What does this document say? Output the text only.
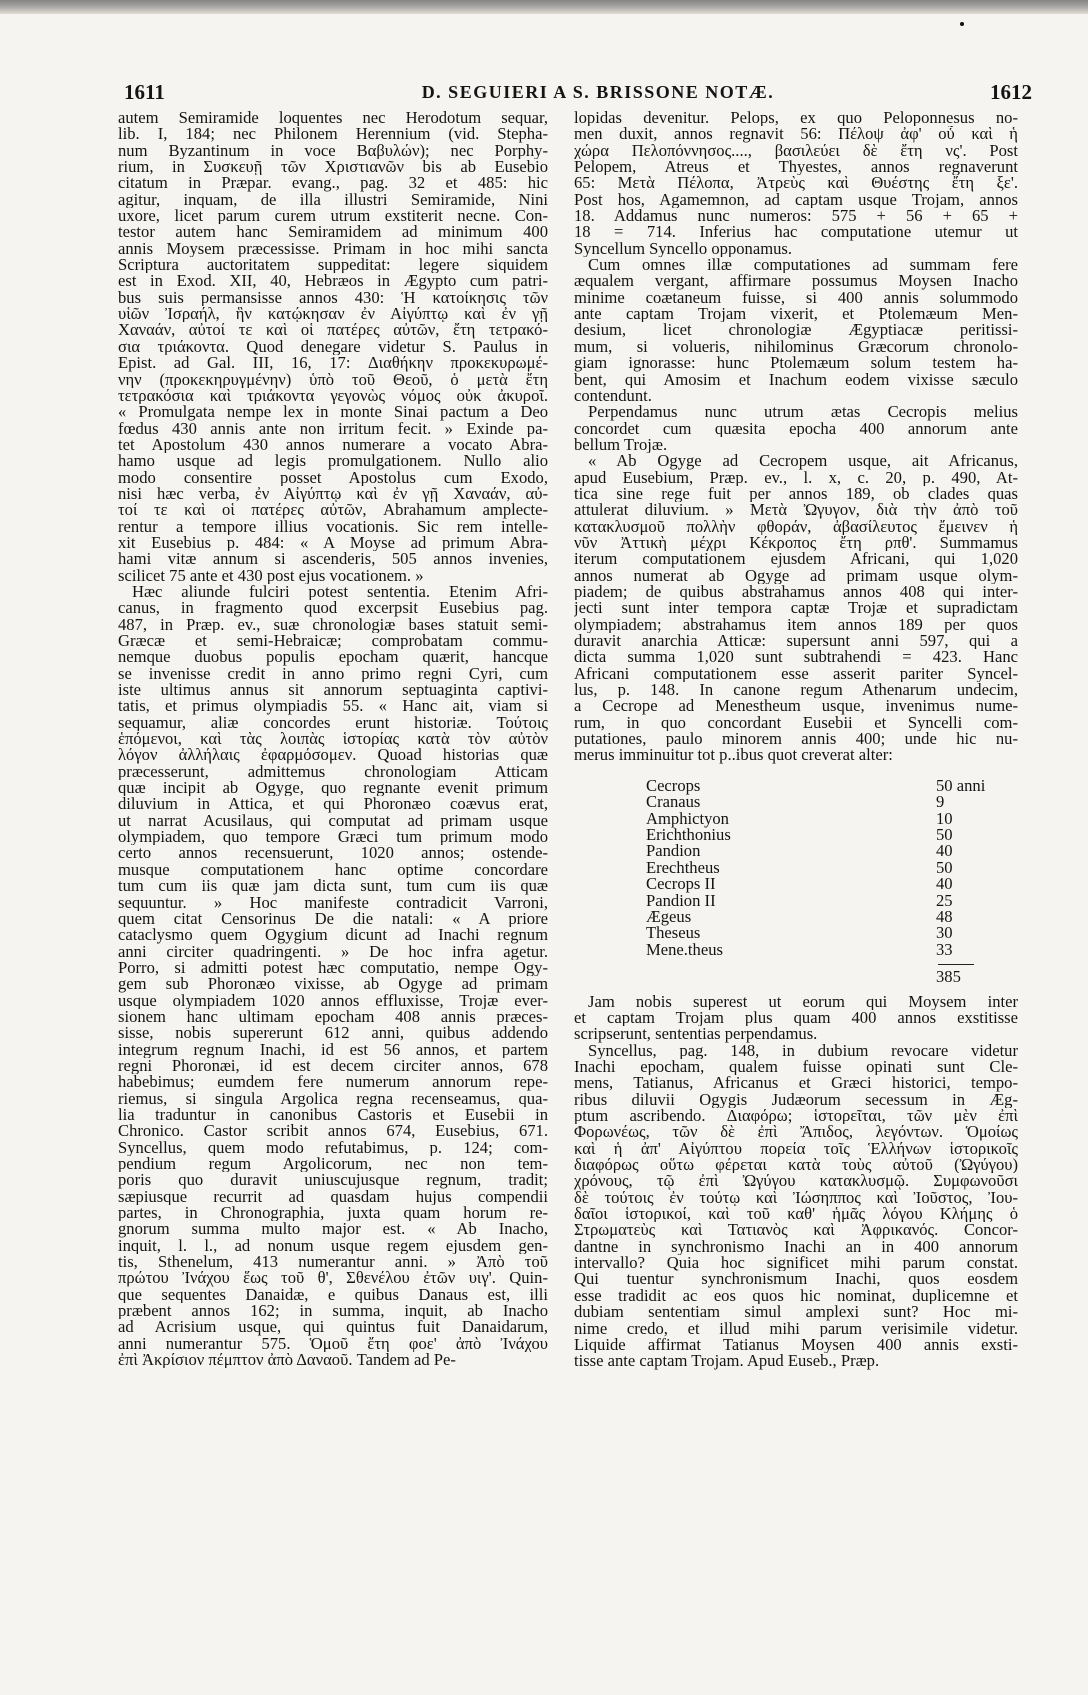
1611	D. SEGUIERI A S. BRISSONE NOTÆ.	1612
autem Semiramide loquentes nec Herodotum sequar,
lib. I, 184; nec Philonem Herennium (vid. Stepha-
num Byzantinum in voce Βαβυλών); nec Porphy-
rium, in Συσκευῇ τῶν Χριστιανῶν bis ab Eusebio
citatum in Præpar. evang., pag. 32 et 485: hic
agitur, inquam, de illa illustri Semiramide, Nini
uxore, licet parum curem utrum exstiterit necne. Con-
testor autem hanc Semiramidem ad minimum 400
annis Moysem præcessisse. Primam in hoc mihi sancta
Scriptura auctoritatem suppeditat: legere siquidem
est in Exod. XII, 40, Hebræos in Ægypto cum patri-
bus suis permansisse annos 430: Ἡ κατοίκησις τῶν
υἱῶν Ἰσραήλ, ἣν κατῴκησαν ἐν Αἰγύπτῳ καὶ ἐν γῇ
Χαναάν, αὐτοί τε καὶ οἱ πατέρες αὐτῶν, ἔτη τετρακό-
σια τριάκοντα. Quod denegare videtur S. Paulus in
Epist. ad Gal. III, 16, 17: Διαθήκην προκεκυρωμέ-
νην (προκεκηρυγμένην) ὑπὸ τοῦ Θεοῦ, ὁ μετὰ ἔτη
τετρακόσια καὶ τριάκοντα γεγονὼς νόμος οὐκ ἀκυροῖ.
« Promulgata nempe lex in monte Sinai pactum a Deo
fœdus 430 annis ante non irritum fecit. » Exinde pa-
tet Apostolum 430 annos numerare a vocato Abra-
hamo usque ad legis promulgationem. Nullo alio
modo consentire posset Apostolus cum Exodo,
nisi hæc verba, ἐν Αἰγύπτῳ καὶ ἐν γῇ Χαναάν, αὐ-
τοί τε καὶ οἱ πατέρες αὐτῶν, Abrahamum amplecte-
rentur a tempore illius vocationis. Sic rem intelle-
xit Eusebius p. 484: « A Moyse ad primum Abra-
hami vitæ annum si ascenderis, 505 annos invenies,
scilicet 75 ante et 430 post ejus vocationem. »
Hæc aliunde fulciri potest sententia. Etenim Afri-
canus, in fragmento quod excerpsit Eusebius pag.
487, in Præp. ev., suæ chronologiæ bases statuit semi-
Græcæ et semi-Hebraicæ; comprobatam commu-
nemque duobus populis epocham quærit, hancque
se invenisse credit in anno primo regni Cyri, cum
iste ultimus annus sit annorum septuaginta captivi-
tatis, et primus olympiadis 55. « Hanc ait, viam si
sequamur, aliæ concordes erunt historiæ. Τούτοις
ἑπόμενοι, καὶ τὰς λοιπὰς ἱστορίας κατὰ τὸν αὐτὸν
λόγον ἀλλήλαις ἐφαρμόσομεν. Quoad historias quæ
præcesserunt, admittemus chronologiam Atticam
quæ incipit ab Ogyge, quo regnante evenit primum
diluvium in Attica, et qui Phoronæo coævus erat,
ut narrat Acusilaus, qui computat ad primam usque
olympiadem, quo tempore Græci tum primum modo
certo annos recensuerunt, 1020 annos; ostende-
musque computationem hanc optime concordare
tum cum iis quæ jam dicta sunt, tum cum iis quæ
sequuntur. » Hoc manifeste contradicit Varroni,
quem citat Censorinus De die natali: « A priore
cataclysmo quem Ogygium dicunt ad Inachi regnum
anni circiter quadringenti. » De hoc infra agetur.
Porro, si admitti potest hæc computatio, nempe Ogy-
gem sub Phoronæo vixisse, ab Ogyge ad primam
usque olympiadem 1020 annos effluxisse, Trojæ ever-
sionem hanc ultimam epocham 408 annis præces-
sisse, nobis supererunt 612 anni, quibus addendo
integrum regnum Inachi, id est 56 annos, et partem
regni Phoronæi, id est decem circiter annos, 678
habebimus; eumdem fere numerum annorum repe-
riemus, si singula Argolica regna recenseamus, qua-
lia traduntur in canonibus Castoris et Eusebii in
Chronico. Castor scribit annos 674, Eusebius, 671.
Syncellus, quem modo refutabimus, p. 124; com-
pendium regum Argolicorum, nec non tem-
poris quo duravit uniuscujusque regnum, tradit;
sæpiusque recurrit ad quasdam hujus compendii
partes, in Chronographia, juxta quam horum re-
gnorum summa multo major est. « Ab Inacho,
inquit, l. l., ad nonum usque regem ejusdem gen-
tis, Sthenelum, 413 numerantur anni. » Ἀπὸ τοῦ
πρώτου Ἰνάχου ἕως τοῦ θ', Σθενέλου ἐτῶν υιγ'. Quin-
que sequentes Danaidæ, e quibus Danaus est, illi
præbent annos 162; in summa, inquit, ab Inacho
ad Acrisium usque, qui quintus fuit Danaidarum,
anni numerantur 575. Ὁμοῦ ἔτη φοε' ἀπὸ Ἰνάχου
ἐπὶ Ἀκρίσιον πέμπτον ἀπὸ Δαναοῦ. Tandem ad Pe-
lopidas devenitur. Pelops, ex quo Peloponnesus no-
men duxit, annos regnavit 56: Πέλοψ ἀφ' οὗ καὶ ἡ
χώρα Πελοπόννησος...., βασιλεύει δὲ ἔτη νς'. Post
Pelopem, Atreus et Thyestes, annos regnaverunt
65: Μετὰ Πέλοπα, Ἀτρεὺς καὶ Θυέστης ἔτη ξε'.
Post hos, Agamemnon, ad captam usque Trojam, annos
18. Addamus nunc numeros: 575 + 56 + 65 +
18 = 714. Inferius hac computatione utemur ut
Syncellum Syncello opponamus.
Cum omnes illæ computationes ad summam fere
æqualem vergant, affirmare possumus Moysen Inacho
minime coætaneum fuisse, si 400 annis solummodo
ante captam Trojam vixerit, et Ptolemæum Men-
desium, licet chronologiæ Ægyptiacæ peritissi-
mum, si volueris, nihilominus Græcorum chronolo-
giam ignorasse: hunc Ptolemæum solum testem ha-
bent, qui Amosim et Inachum eodem vixisse sæculo
contendunt.
Perpendamus nunc utrum ætas Cecropis melius
concordet cum quæsita epocha 400 annorum ante
bellum Trojæ.
« Ab Ogyge ad Cecropem usque, ait Africanus,
apud Eusebium, Præp. ev., l. x, c. 20, p. 490, At-
tica sine rege fuit per annos 189, ob clades quas
attulerat diluvium. » Μετὰ Ὠγυγον, διὰ τὴν ἀπὸ τοῦ
κατακλυσμοῦ πολλὴν φθοράν, ἀβασίλευτος ἔμεινεν ἡ
νῦν Ἀττικὴ μέχρι Κέκροπος ἔτη ρπθ'. Summamus
iterum computationem ejusdem Africani, qui 1,020
annos numerat ab Ogyge ad primam usque olym-
piadem; de quibus abstrahamus annos 408 qui inter-
jecti sunt inter tempora captæ Trojæ et supradictam
olympiadem; abstrahamus item annos 189 per quos
duravit anarchia Atticæ: supersunt anni 597, qui a
dicta summa 1,020 sunt subtrahendi = 423. Hanc
Africani computationem esse asserit pariter Syncel-
lus, p. 148. In canone regum Athenarum undecim,
a Cecrope ad Menestheum usque, invenimus nume-
rum, in quo concordant Eusebii et Syncelli com-
putationes, paulo minorem annis 400; unde hic nu-
merus imminuitur tot p..ibus quot creverat alter:
Cecrops	50 anni
Cranaus	9
Amphictyon	10
Erichthonius	50
Pandion	40
Erechtheus	50
Cecrops II	40
Pandion II	25
Ægeus	48
Theseus	30
Mene.theus	33
385
Jam nobis superest ut eorum qui Moysem inter
et captam Trojam plus quam 400 annos exstitisse
scripserunt, sententias perpendamus.
Syncellus, pag. 148, in dubium revocare videtur
Inachi epocham, qualem fuisse opinati sunt Cle-
mens, Tatianus, Africanus et Græci historici, tempo-
ribus diluvii Ogygis Judæorum secessum in Æg-
ptum ascribendo. Διαφόρω; ἱστορεῖται, τῶν μὲν ἐπὶ
Φορωνέως, τῶν δὲ ἐπὶ Ἄπιδος, λεγόντων. Ὁμοίως
καὶ ἡ ἀπ' Αἰγύπτου πορεία τοῖς Ἑλλήνων ἱστορικοῖς
διαφόρως οὕτω φέρεται κατὰ τοὺς αὐτοῦ (Ὠγύγου)
χρόνους, τῷ ἐπὶ Ὠγύγου κατακλυσμῷ. Συμφωνοῦσι
δὲ τούτοις ἐν τούτῳ καὶ Ἰώσηππος καὶ Ἰοῦστος, Ἰου-
δαῖοι ἱστορικοί, καὶ τοῦ καθ' ἡμᾶς λόγου Κλήμης ὁ
Στρωματεὺς καὶ Τατιανὸς καὶ Ἀφρικανός. Concor-
dantne in synchronismo Inachi an in 400 annorum
intervallo? Quia hoc significet mihi parum constat.
Qui tuentur synchronismum Inachi, quos eosdem
esse tradidit ac eos quos hic nominat, duplicemne et
dubiam sententiam simul amplexi sunt? Hoc mi-
nime credo, et illud mihi parum verisimile videtur.
Liquide affirmat Tatianus Moysen 400 annis exsti-
tisse ante captam Trojam. Apud Euseb., Præp.
